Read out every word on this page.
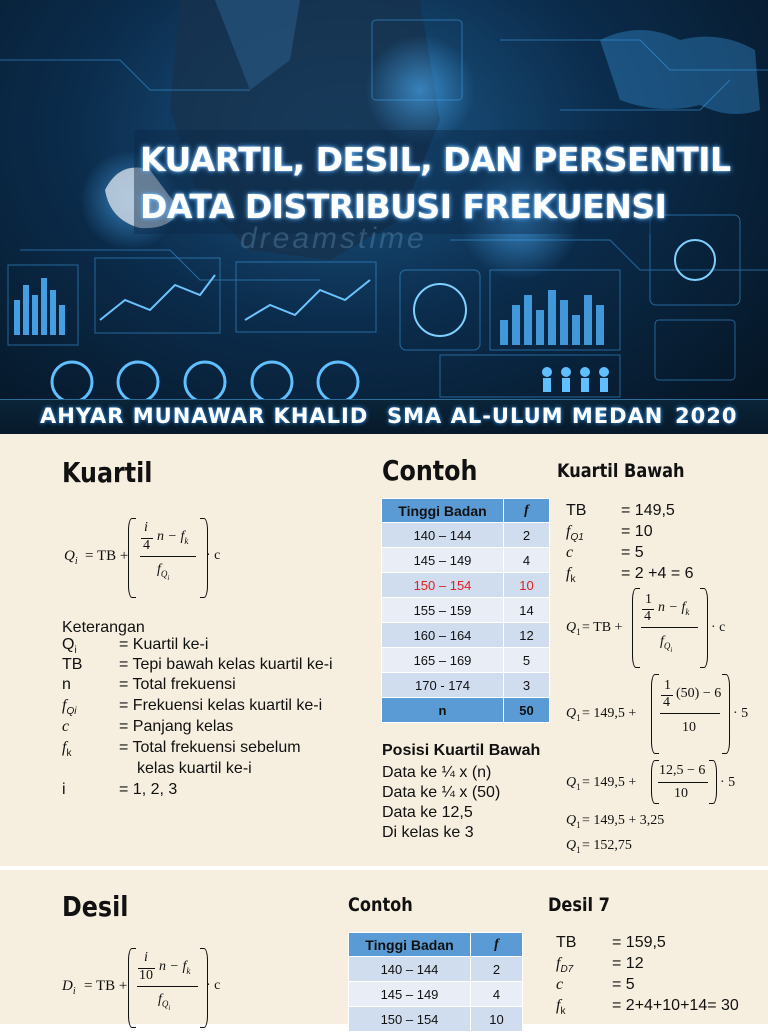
KUARTIL, DESIL, DAN PERSENTIL
DATA DISTRIBUSI FREKUENSI
dreamstime
AHYAR MUNAWAR KHALID SMA AL-ULUM MEDAN 2020
Kuartil
$Q_i$ = TB +
i
4
$n - f_k$
$f_{Q_i}$
· c
Keterangan
$Q_i$	= Kuartil ke-i
TB = Tepi bawah kelas kuartil ke-i
n	= Total frekuensi
$f_{Qi}$	= Frekuensi kelas kuartil ke-i
c	= Panjang kelas
$f_k$	= Total frekuensi sebelum
kelas kuartil ke-i
i	= 1, 2, 3
Contoh
Tinggi Badan	f
140 – 144	2
145 – 149	4
150 – 154	10
155 – 159	14
160 – 164	12
165 – 169	5
170 - 174	3
n	50
Posisi Kuartil Bawah
Data ke ¼ x (n)
Data ke ¼ x (50)
Data ke 12,5
Di kelas ke 3
Kuartil Bawah
TB = 149,5
$f_{Q1} = 10$
c	= 5
$f_k$	= 2 +4 = 6
$Q_1$ = TB +
1
4
$n - f_k$
$f_{Q_i}$
· c
$Q_1 = 149,5$ +
1
4
(50) − 6
10
· 5
$Q_1 = 149,5$ +
12,5 − 6
10
· 5
$Q_1 = 149,5 + 3,25$
$Q_1 = 152,75$
Desil
$D_i$ = TB +
i
10
$n - f_k$
$f_{Q_i}$
· c
Contoh
Tinggi Badan	f
140 – 144	2
145 – 149	4
150 – 154	10
Desil 7
TB = 159,5
$f_{D7} = 12$
c	= 5
$f_k$	= 2+4+10+14= 30
